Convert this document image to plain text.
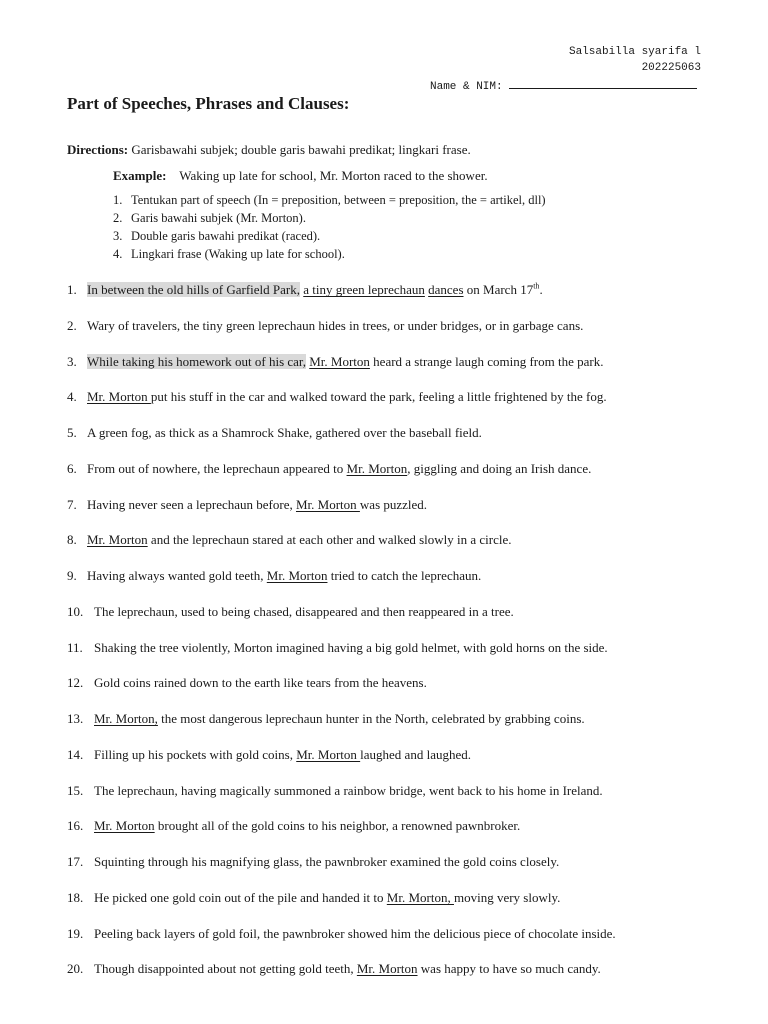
Salsabilla syarifa l
202225063
Name & NIM:
Part of Speeches, Phrases and Clauses:
Directions: Garisbawahi subjek; double garis bawahi predikat; lingkari frase.
Example:    Waking up late for school, Mr. Morton raced to the shower.
1. Tentukan part of speech (In = preposition, between = preposition, the = artikel, dll)
2. Garis bawahi subjek (Mr. Morton).
3. Double garis bawahi predikat (raced).
4. Lingkari frase (Waking up late for school).
1. In between the old hills of Garfield Park, a tiny green leprechaun dances on March 17th.
2. Wary of travelers, the tiny green leprechaun hides in trees, or under bridges, or in garbage cans.
3. While taking his homework out of his car, Mr. Morton heard a strange laugh coming from the park.
4. Mr. Morton put his stuff in the car and walked toward the park, feeling a little frightened by the fog.
5. A green fog, as thick as a Shamrock Shake, gathered over the baseball field.
6. From out of nowhere, the leprechaun appeared to Mr. Morton, giggling and doing an Irish dance.
7. Having never seen a leprechaun before, Mr. Morton was puzzled.
8. Mr. Morton and the leprechaun stared at each other and walked slowly in a circle.
9. Having always wanted gold teeth, Mr. Morton tried to catch the leprechaun.
10. The leprechaun, used to being chased, disappeared and then reappeared in a tree.
11. Shaking the tree violently, Morton imagined having a big gold helmet, with gold horns on the side.
12. Gold coins rained down to the earth like tears from the heavens.
13. Mr. Morton, the most dangerous leprechaun hunter in the North, celebrated by grabbing coins.
14. Filling up his pockets with gold coins, Mr. Morton laughed and laughed.
15. The leprechaun, having magically summoned a rainbow bridge, went back to his home in Ireland.
16. Mr. Morton brought all of the gold coins to his neighbor, a renowned pawnbroker.
17. Squinting through his magnifying glass, the pawnbroker examined the gold coins closely.
18. He picked one gold coin out of the pile and handed it to Mr. Morton, moving very slowly.
19. Peeling back layers of gold foil, the pawnbroker showed him the delicious piece of chocolate inside.
20. Though disappointed about not getting gold teeth, Mr. Morton was happy to have so much candy.
